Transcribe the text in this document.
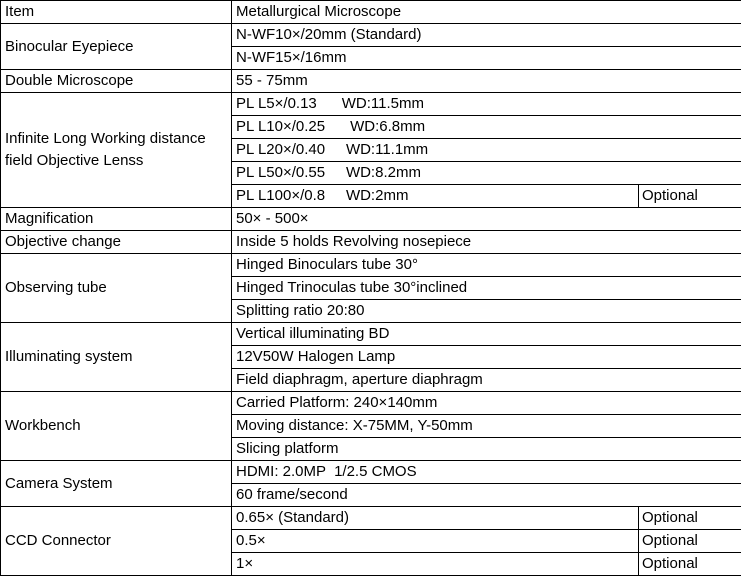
Item	Metallurgical Microscope	
Binocular Eyepiece	N-WF10×/20mm (Standard)	
	N-WF15×/16mm	
Double Microscope	55 - 75mm	
Infinite Long Working distance field Objective Lenss	PL L5×/0.13      WD:11.5mm	
	PL L10×/0.25      WD:6.8mm	
	PL L20×/0.40     WD:11.1mm	
	PL L50×/0.55     WD:8.2mm	
	PL L100×/0.8     WD:2mm	Optional
Magnification	50× - 500×	
Objective change	Inside 5 holds Revolving nosepiece	
Observing tube	Hinged Binoculars tube 30°	
	Hinged Trinoculas tube 30°inclined	
	Splitting ratio 20:80	
Illuminating system	Vertical illuminating BD	
	12V50W Halogen Lamp	
	Field diaphragm, aperture diaphragm	
Workbench	Carried Platform: 240×140mm	
	Moving distance: X-75MM, Y-50mm	
	Slicing platform	
Camera System	HDMI: 2.0MP  1/2.5 CMOS	
	60 frame/second	
CCD Connector	0.65× (Standard)	Optional
	0.5×	Optional
	1×	Optional
